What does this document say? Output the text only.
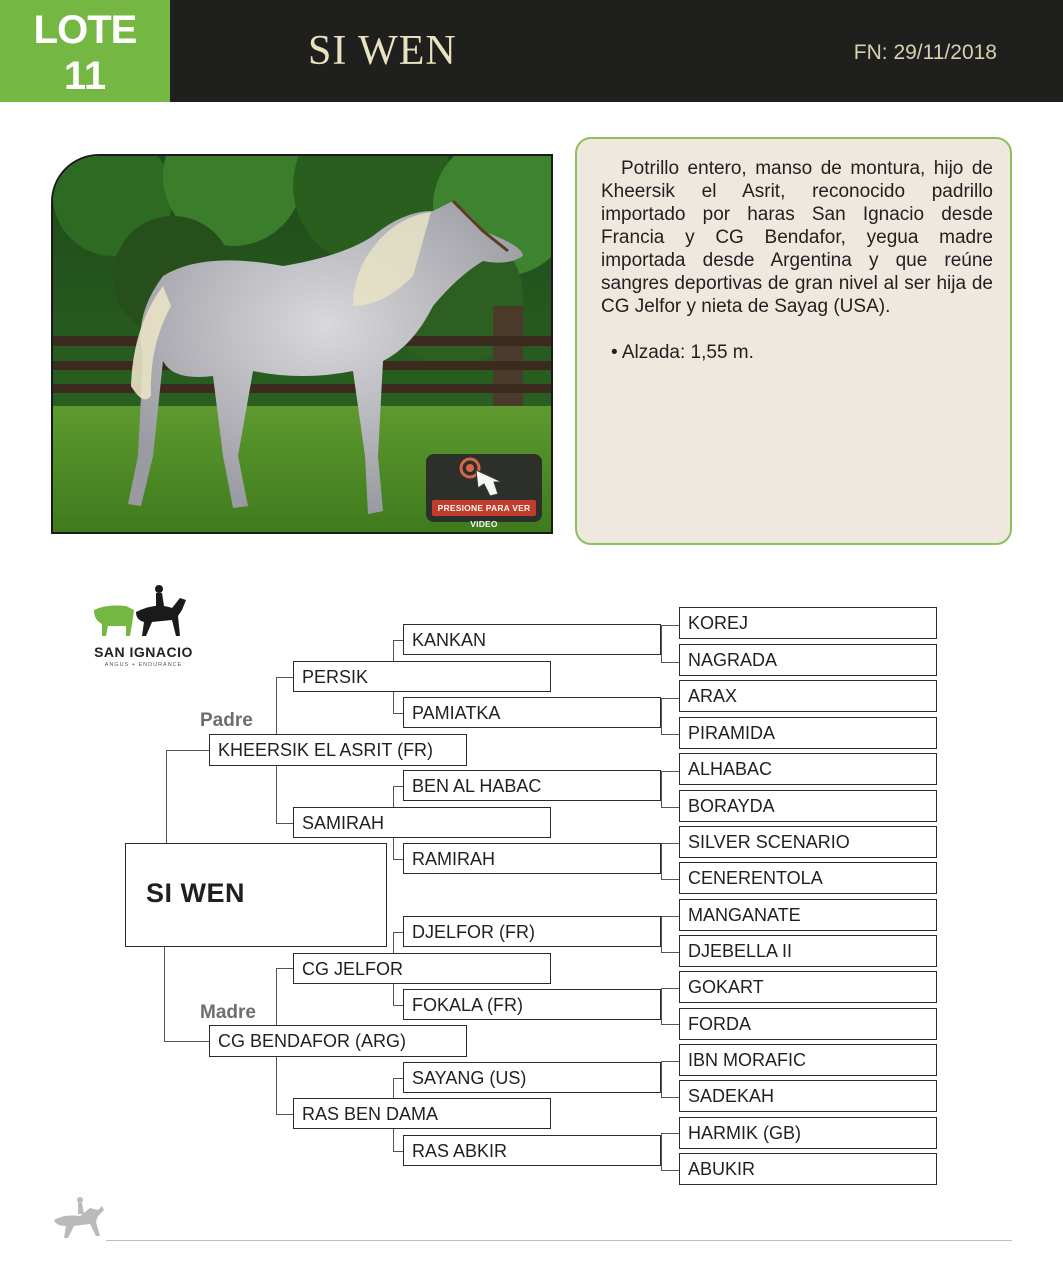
LOTE
11
SI WEN	FN: 29/11/2018
PRESIONE PARA VER VIDEO
Potrillo entero, manso de montura, hijo de Kheersik el Asrit, reconocido padrillo importado por haras San Ignacio desde Francia y CG Bendafor, yegua madre importada desde Argentina y que reúne sangres deportivas de gran nivel al ser hija de CG Jelfor y nieta de Sayag (USA).
• Alzada: 1,55 m.
SAN IGNACIO
ANGUS + ENDURANCE
Padre
Madre
SI WEN
KHEERSIK EL ASRIT (FR)
CG BENDAFOR (ARG)
PERSIK
SAMIRAH
CG JELFOR
RAS BEN DAMA
KANKAN
PAMIATKA
BEN AL HABAC
RAMIRAH
DJELFOR (FR)
FOKALA (FR)
SAYANG (US)
RAS ABKIR
KOREJ
NAGRADA
ARAX
PIRAMIDA
ALHABAC
BORAYDA
SILVER SCENARIO
CENERENTOLA
MANGANATE
DJEBELLA II
GOKART
FORDA
IBN MORAFIC
SADEKAH
HARMIK (GB)
ABUKIR
